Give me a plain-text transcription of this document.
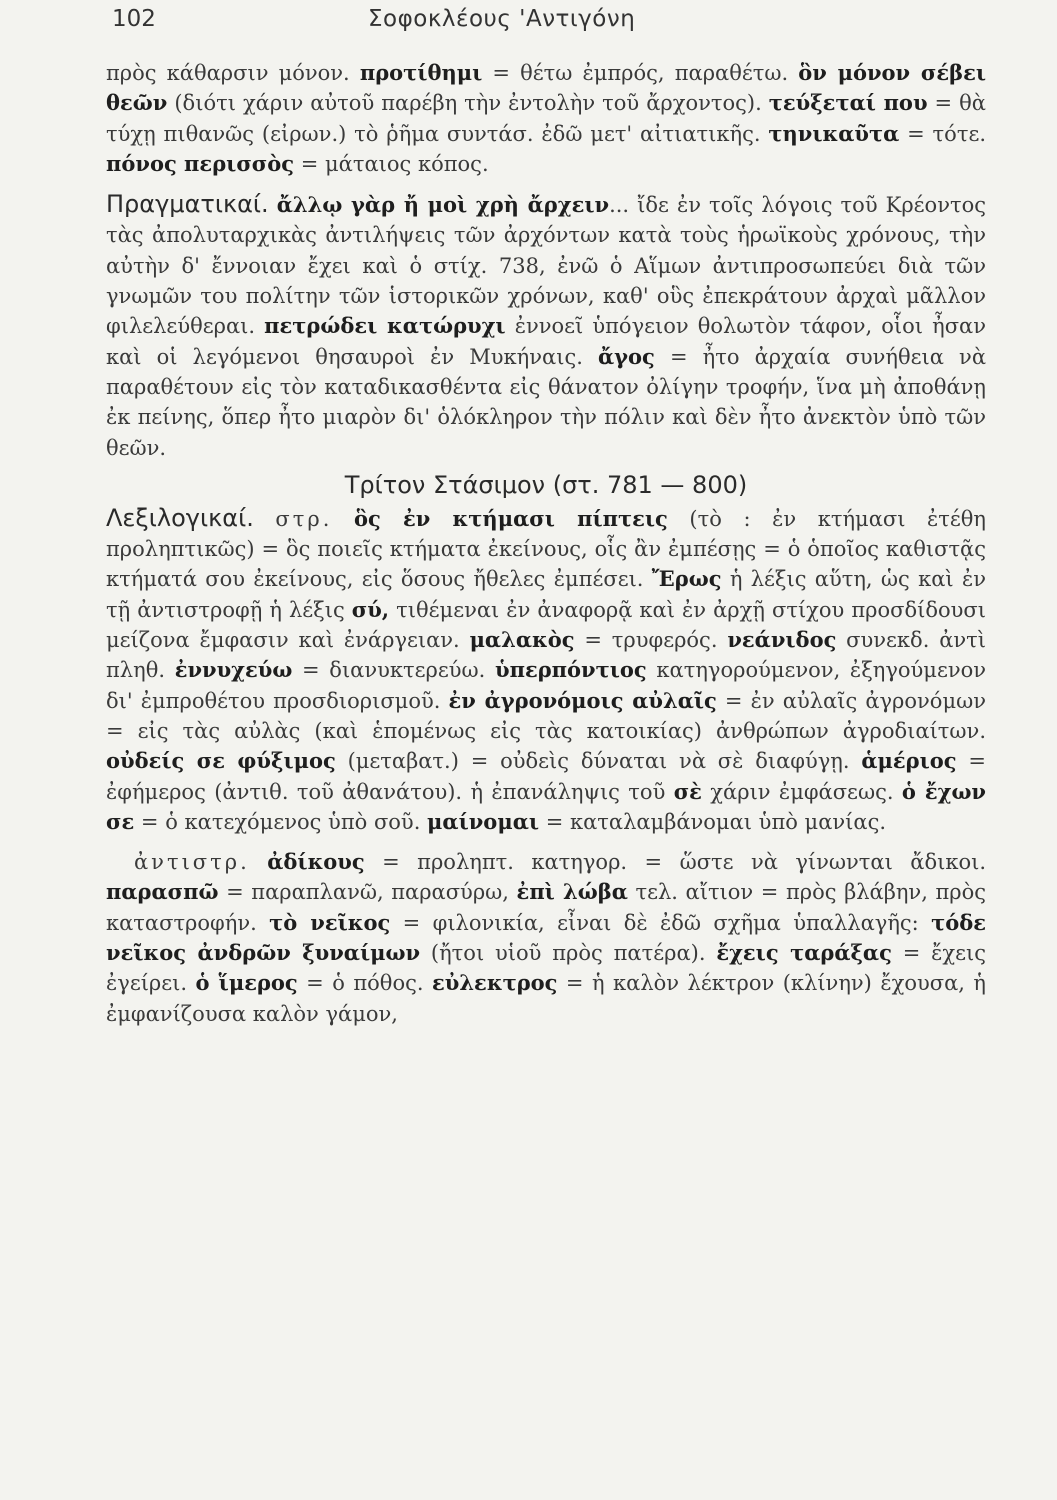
102	Σοφοκλέους 'Αντιγόνη

πρὸς κάθαρσιν μόνον. προτίθημι = θέτω ἐμπρός, παραθέτω. ὃν μόνον σέβει θεῶν (διότι χάριν αὐτοῦ παρέβη τὴν ἐντολὴν τοῦ ἄρχοντος). τεύξεταί που = θὰ τύχῃ πιθανῶς (εἰρων.) τὸ ῥῆμα συντάσ. ἐδῶ μετ' αἰτιατικῆς. τηνικαῦτα = τότε. πόνος περισσὸς = μάταιος κόπος.

Πραγματικαί. ἄλλῳ γὰρ ἤ μοὶ χρὴ ἄρχειν... ἴδε ἐν τοῖς λόγοις τοῦ Κρέοντος τὰς ἀπολυταρχικὰς ἀντιλήψεις τῶν ἀρχόντων κατὰ τοὺς ἡρωϊκοὺς χρόνους, τὴν αὐτὴν δ' ἔννοιαν ἔχει καὶ ὁ στίχ. 738, ἐνῶ ὁ Αἵμων ἀντιπροσωπεύει διὰ τῶν γνωμῶν του πολίτην τῶν ἱστορικῶν χρόνων, καθ' οὓς ἐπεκράτουν ἀρχαὶ μᾶλλον φιλελεύθεραι. πετρώδει κατώρυχι ἐννοεῖ ὑπόγειον θολωτὸν τάφον, οἷοι ἦσαν καὶ οἱ λεγόμενοι θησαυροὶ ἐν Μυκήναις. ἄγος = ἦτο ἀρχαία συνήθεια νὰ παραθέτουν εἰς τὸν καταδικασθέντα εἰς θάνατον ὀλίγην τροφήν, ἵνα μὴ ἀποθάνῃ ἐκ πείνης, ὅπερ ἦτο μιαρὸν δι' ὁλόκληρον τὴν πόλιν καὶ δὲν ἦτο ἀνεκτὸν ὑπὸ τῶν θεῶν.

Τρίτον Στάσιμον (στ. 781 — 800)

Λεξιλογικαί. στρ. ὃς ἐν κτήμασι πίπτεις (τὸ : ἐν κτήμασι ἐτέθη προληπτικῶς) = ὃς ποιεῖς κτήματα ἐκείνους, οἷς ἂν ἐμπέσῃς = ὁ ὁποῖος καθιστᾷς κτήματά σου ἐκείνους, εἰς ὅσους ἤθελες ἐμπέσει. Ἔρως ἡ λέξις αὕτη, ὡς καὶ ἐν τῇ ἀντιστροφῇ ἡ λέξις σύ, τιθέμεναι ἐν ἀναφορᾷ καὶ ἐν ἀρχῇ στίχου προσδίδουσι μείζονα ἔμφασιν καὶ ἐνάργειαν. μαλακὸς = τρυφερός. νεάνιδος συνεκδ. ἀντὶ πληθ. ἐννυχεύω = διανυκτερεύω. ὑπερπόντιος κατηγορούμενον, ἐξηγούμενον δι' ἐμπροθέτου προσδιορισμοῦ. ἐν ἀγρονόμοις αὐλαῖς = ἐν αὐλαῖς ἀγρονόμων = εἰς τὰς αὐλὰς (καὶ ἑπομένως εἰς τὰς κατοικίας) ἀνθρώπων ἀγροδιαίτων. οὐδείς σε φύξιμος (μεταβατ.) = οὐδεὶς δύναται νὰ σὲ διαφύγῃ. ἁμέριος = ἐφήμερος (ἀντιθ. τοῦ ἀθανάτου). ἡ ἐπανάληψις τοῦ σὲ χάριν ἐμφάσεως. ὁ ἔχων σε = ὁ κατεχόμενος ὑπὸ σοῦ. μαίνομαι = καταλαμβάνομαι ὑπὸ μανίας.

ἀντιστρ. ἀδίκους = προληπτ. κατηγορ. = ὥστε νὰ γίνωνται ἄδικοι. παρασπῶ = παραπλανῶ, παρασύρω, ἐπὶ λώβα τελ. αἴτιον = πρὸς βλάβην, πρὸς καταστροφήν. τὸ νεῖκος = φιλονικία, εἶναι δὲ ἐδῶ σχῆμα ὑπαλλαγῆς: τόδε νεῖκος ἀνδρῶν ξυναίμων (ἤτοι υἱοῦ πρὸς πατέρα). ἔχεις ταράξας = ἔχεις ἐγείρει. ὁ ἵμερος = ὁ πόθος. εὐλεκτρος = ἡ καλὸν λέκτρον (κλίνην) ἔχουσα, ἡ ἐμφανίζουσα καλὸν γάμον,
